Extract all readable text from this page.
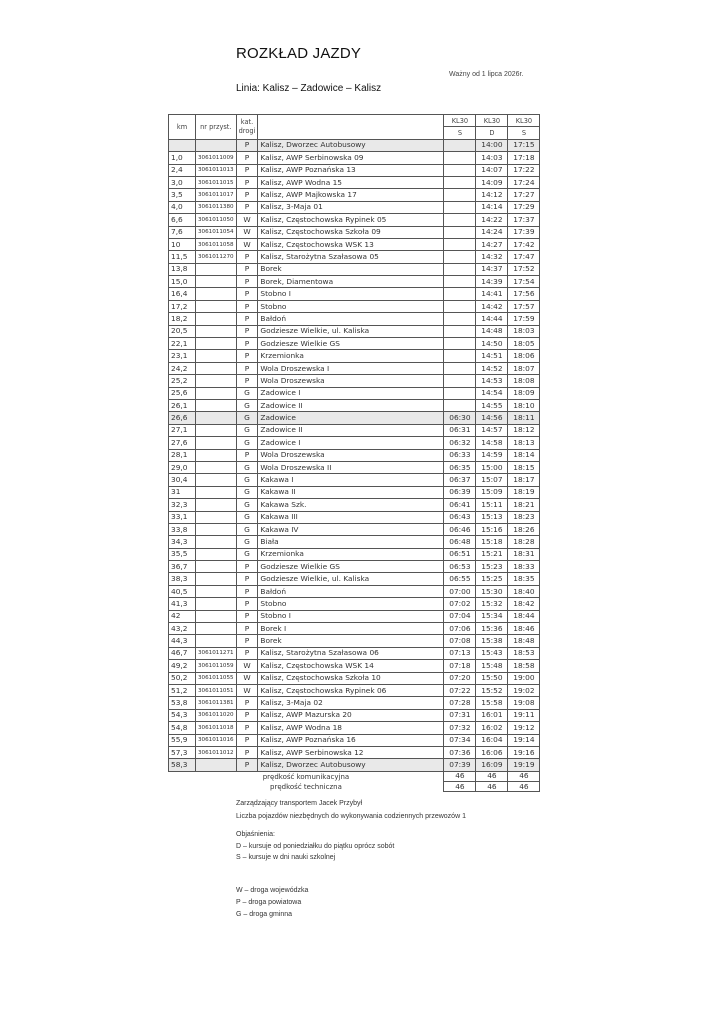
ROZKŁAD JAZDY
Ważny od 1 lipca 2026r.
Linia: Kalisz – Zadowice – Kalisz
km	nr przyst.	kat.
drogi		KL30	KL30	KL30
				S	D	S
		P	Kalisz, Dworzec Autobusowy		14:00	17:15
1,0	3061011009	P	Kalisz, AWP Serbinowska 09		14:03	17:18
2,4	3061011013	P	Kalisz, AWP Poznańska 13		14:07	17:22
3,0	3061011015	P	Kalisz, AWP Wodna 15		14:09	17:24
3,5	3061011017	P	Kalisz, AWP Majkowska 17		14:12	17:27
4,0	3061011380	P	Kalisz, 3-Maja 01		14:14	17:29
6,6	3061011050	W	Kalisz, Częstochowska Rypinek 05		14:22	17:37
7,6	3061011054	W	Kalisz, Częstochowska Szkoła 09		14:24	17:39
10	3061011058	W	Kalisz, Częstochowska WSK 13		14:27	17:42
11,5	3061011270	P	Kalisz, Starożytna Szałasowa 05		14:32	17:47
13,8		P	Borek		14:37	17:52
15,0		P	Borek, Diamentowa		14:39	17:54
16,4		P	Stobno I		14:41	17:56
17,2		P	Stobno		14:42	17:57
18,2		P	Bałdoń		14:44	17:59
20,5		P	Godziesze Wielkie, ul. Kaliska		14:48	18:03
22,1		P	Godziesze Wielkie GS		14:50	18:05
23,1		P	Krzemionka		14:51	18:06
24,2		P	Wola Droszewska I		14:52	18:07
25,2		P	Wola Droszewska		14:53	18:08
25,6		G	Zadowice I		14:54	18:09
26,1		G	Zadowice II		14:55	18:10
26,6		G	Zadowice	06:30	14:56	18:11
27,1		G	Zadowice II	06:31	14:57	18:12
27,6		G	Zadowice I	06:32	14:58	18:13
28,1		P	Wola Droszewska	06:33	14:59	18:14
29,0		G	Wola Droszewska II	06:35	15:00	18:15
30,4		G	Kakawa I	06:37	15:07	18:17
31		G	Kakawa II	06:39	15:09	18:19
32,3		G	Kakawa Szk.	06:41	15:11	18:21
33,1		G	Kakawa III	06:43	15:13	18:23
33,8		G	Kakawa IV	06:46	15:16	18:26
34,3		G	Biała	06:48	15:18	18:28
35,5		G	Krzemionka	06:51	15:21	18:31
36,7		P	Godziesze Wielkie GS	06:53	15:23	18:33
38,3		P	Godziesze Wielkie, ul. Kaliska	06:55	15:25	18:35
40,5		P	Bałdoń	07:00	15:30	18:40
41,3		P	Stobno	07:02	15:32	18:42
42		P	Stobno I	07:04	15:34	18:44
43,2		P	Borek I	07:06	15:36	18:46
44,3		P	Borek	07:08	15:38	18:48
46,7	3061011271	P	Kalisz, Starożytna Szałasowa 06	07:13	15:43	18:53
49,2	3061011059	W	Kalisz, Częstochowska WSK 14	07:18	15:48	18:58
50,2	3061011055	W	Kalisz, Częstochowska Szkoła 10	07:20	15:50	19:00
51,2	3061011051	W	Kalisz, Częstochowska Rypinek 06	07:22	15:52	19:02
53,8	3061011381	P	Kalisz, 3-Maja 02	07:28	15:58	19:08
54,3	3061011020	P	Kalisz, AWP Mazurska 20	07:31	16:01	19:11
54,8	3061011018	P	Kalisz, AWP Wodna 18	07:32	16:02	19:12
55,9	3061011016	P	Kalisz, AWP Poznańska 16	07:34	16:04	19:14
57,3	3061011012	P	Kalisz, AWP Serbinowska 12	07:36	16:06	19:16
58,3		P	Kalisz, Dworzec Autobusowy	07:39	16:09	19:19
prędkość komunikacyjna				46	46	46
prędkość techniczna				46	46	46
Zarządzający transportem Jacek Przybył
Liczba pojazdów niezbędnych do wykonywania codziennych przewozów 1
Objaśnienia:
D – kursuje od poniedziałku do piątku oprócz sobót
S – kursuje w dni nauki szkolnej
W – droga wojewódzka
P – droga powiatowa
G – droga gminna
